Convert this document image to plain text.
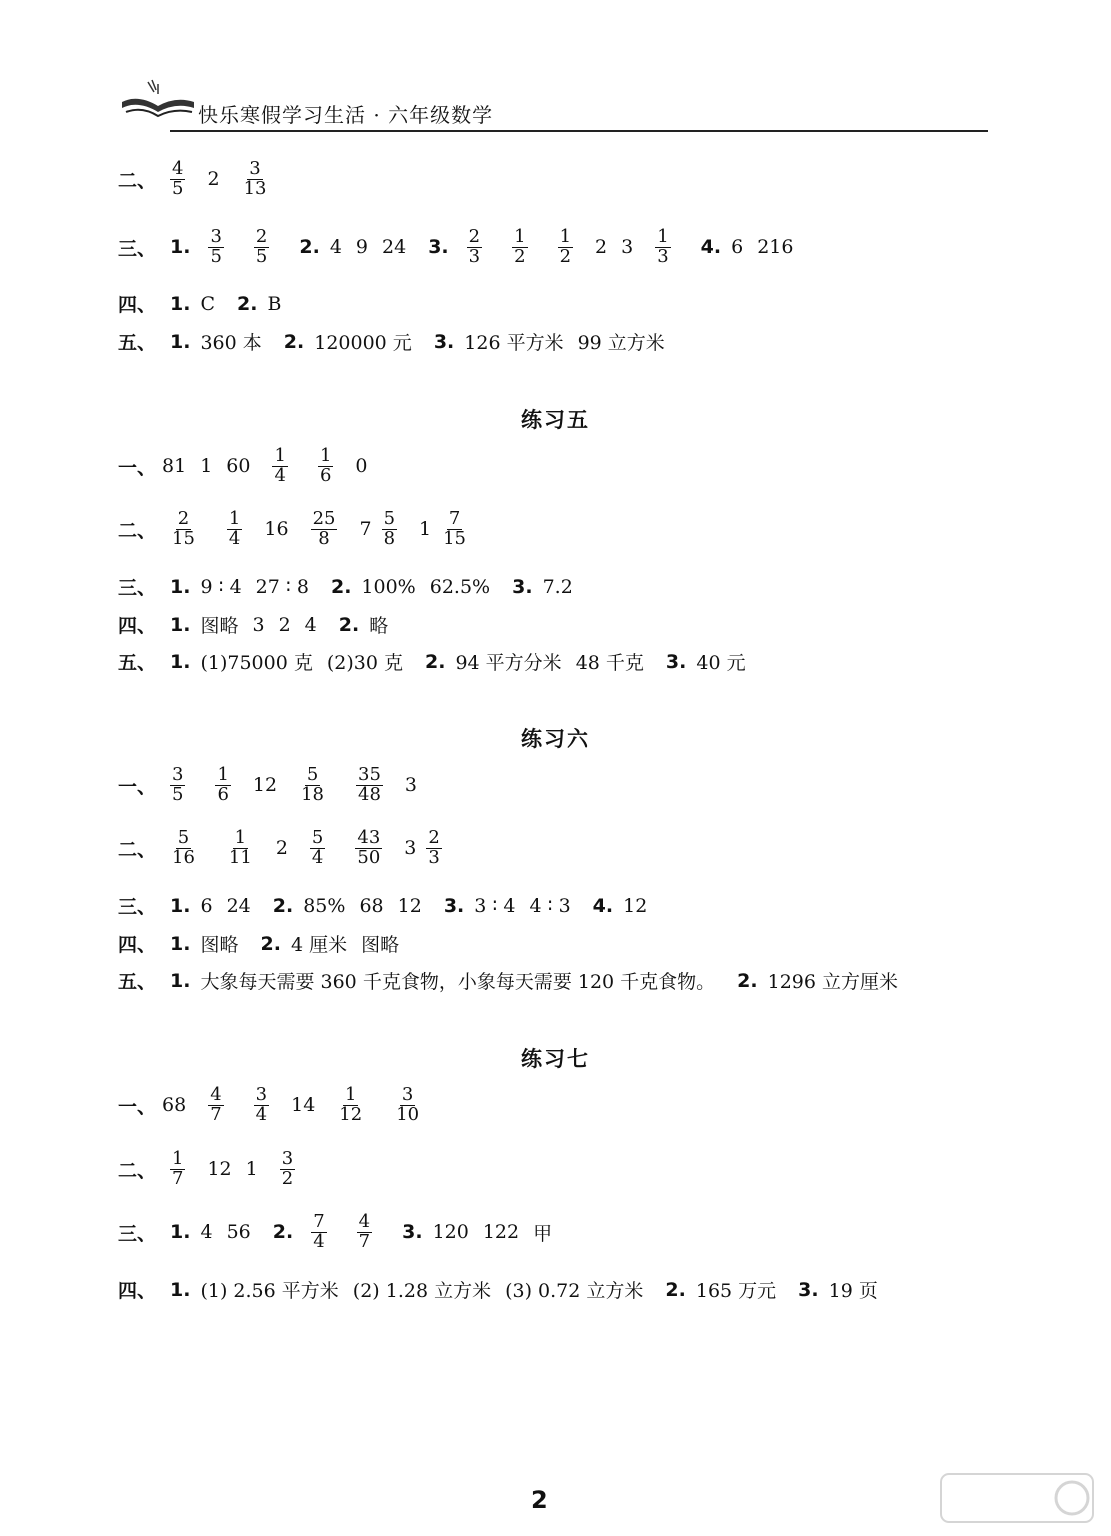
快乐寒假学习生活 · 六年级数学
二、 $\frac{4}{5} 2 \frac{3}{13}$
三、 1. $\frac{3}{5} \frac{2}{5} 2$. 4 9 24 3. $\frac{2}{3} \frac{1}{2} \frac{1}{2} 2$ $3 \frac{1}{3} 4$. 6 216
四、 1. C 2. B
五、 1. 360 本 2. 120000 元 3. 126 平方米 99 立方米
练习五
一、 81 1 $60 \frac{1}{4} \frac{1}{6} 0$
二、 $\frac{2}{15} \frac{1}{4} 16 \frac{25}{8} 7 \frac{5}{8} 1 \frac{7}{15}$
三、 1. 9 ∶ 4 27 ∶ 8 2. 100% 62.5% 3. 7.2
四、 1. 图略 3 2 4 2. 略
五、 1. (1)75000 克 (2)30 克 2. 94 平方分米 48 千克 3. 40 元
练习六
一、 $\frac{3}{5} \frac{1}{6} 12 \frac{5}{18} \frac{35}{48} 3$
二、 $\frac{5}{16} \frac{1}{11} 2 \frac{5}{4} \frac{43}{50} 3 \frac{2}{3}$
三、 1. 6 24 2. 85% 68 12 3. 3 ∶ 4 4 ∶ 3 4. 12
四、 1. 图略 2. 4 厘米 图略
五、 1. 大象每天需要 360 千克食物，小象每天需要 120 千克食物。 2. 1296 立方厘米
练习七
一、 $68 \frac{4}{7} \frac{3}{4} 14 \frac{1}{12} \frac{3}{10}$
二、 $\frac{1}{7} 12$ $1 \frac{3}{2}$
三、 1. 4 56 2. $\frac{7}{4} \frac{4}{7} 3$. 120 122 甲
四、 1. (1) 2.56 平方米 (2) 1.28 立方米 (3) 0.72 立方米 2. 165 万元 3. 19 页
2
